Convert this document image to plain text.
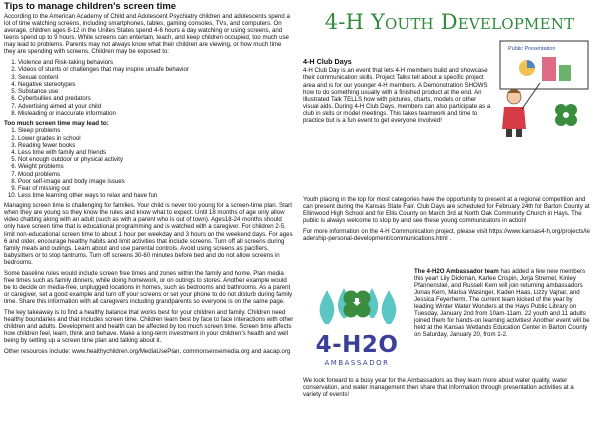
Tips to manage children's screen time

According to the American Academy of Child and Adolescent Psychiatry children and adolescents spend a lot of time watching screens, including smartphones, tables, gaming consoles, TVs, and computers. On average, children ages 8-12 in the Unites States spend 4-6 hours a day watching or using screens, and teens spend up to 9 hours. While screens can entertain, teach, and keep children occupied, too much use may lead to problems. Parents may not always know what their children are viewing, or how much time they are spending with screens. Children may be exposed to:

1. Violence and Risk-taking behaviors
2. Videos of stunts or challenges that may inspire unsafe behavior
3. Sexual content
4. Negative stereotypes
5. Substance use
6. Cyberbullies and predators
7. Advertising aimed at your child
8. Misleading or inaccurate information
Too much screen time may lead to:
1. Sleep problems
2. Lower grades in school
3. Reading fewer books
4. Less time with family and friends
5. Not enough outdoor or physical activity
6. Weight problems
7. Mood problems
8. Poor self-image and body image issues
9. Fear of missing out
10. Less time learning other ways to relax and have fun

Managing screen time is challenging for families. Your child is never too young for a screen-time plan. Start when they are young so they know the rules and know what to expect. Until 18 months of age only allow video chatting along with an adult (such as with a parent who is out of town). Ages18-24 months should only have screen time that is educational programming and is watched with a caregiver. For children 2-5, limit non-educational screen time to about 1 hour per weekday and 3 hours on the weekend days. For ages 6 and older, encourage healthy habits and limit activities that include screens. Turn off all screens during family meals and outings. Learn about and use parental controls. Avoid using screens as pacifiers, babysitters or to stop tantrums. Turn off screens 30-60 minutes before bed and do not allow screens in bedrooms.

Some baseline rules would include screen free times and zones within the family and home. Plan media free times such as family dinners, while doing homework, or on outings to stores. Another example would be to decide on media-free, unplugged locations in homes, such as bedrooms and bathrooms. As a parent or caregiver, set a good example and turn off your screens or set your phone to do not disturb during family time. Share this information with all caregivers including grandparents so everyone is on the same page.

The key takeaway is to find a healthy balance that works best for your children and family. Children need healthy boundaries and that includes screen time. Children learn best by face to face interactions with other children and adults. Development and health can be affected by too much screen time. Screen time affects how children feel, learn, think and behave. Make a long-term investment in your children's health and well being by setting up a screen time plan and talking about it.

Other resources include: www.healthychildren.org/MediaUsePlan, commonsensemedia.org and aacap.org

4-H Youth Development
4-H Club Days

4-H Club Day is an event that lets 4-H members build and showcase their communication skills. Project Talks tell about a specific project area and is for our younger 4-H members. A Demonstration SHOWS how to do something usually with a finished product at the end. An Illustrated Talk TELLS how with pictures, charts, models or other visual aids. During 4-H Club Days, members can also participate as a club in skits or model meetings. This takes teamwork and time to practice but is a fun event to get everyone involved!

Public Presentation

Youth placing in the top for most categories have the opportunity to present at a regional competition and can present during the Kansas State Fair. Club Days are scheduled for February 24th for Barton County at Ellinwood High School and for Ellis County on March 3rd at North Oak Community Church in Hays. The public is always welcome to stop by and see these young communicators in action!

For more information on the 4-H Communication project, please visit https://www.kansas4-h.org/projects/leadership-personal-development/communications.html .

4-H2O
AMBASSADOR

The 4-H2O Ambassador team has added a few new members this year! Lily Dickman, Karlee Crispin, Jorja Stremel, Kinley Pfannenstiel, and Russell Kern will join returning ambassadors Jonas Kern, Marisa Wasinger, Kaden Haas, Lizzy Vajnar, and Jessica Feyerherm. The current team kicked of the year by leading Winter Water Wonders at the Hays Public Library on Tuesday, January 2nd from 10am-11am. 22 youth and 11 adults joined them for hands-on learning activities! Another event will be held at the Kansas Wetlands Education Center in Barton County on Saturday, January 20, from 1-2.

We look forward to a busy year for the Ambassadors as they learn more about water quality, water conservation, and water management then share that information through presentation activities at a variety of events!
